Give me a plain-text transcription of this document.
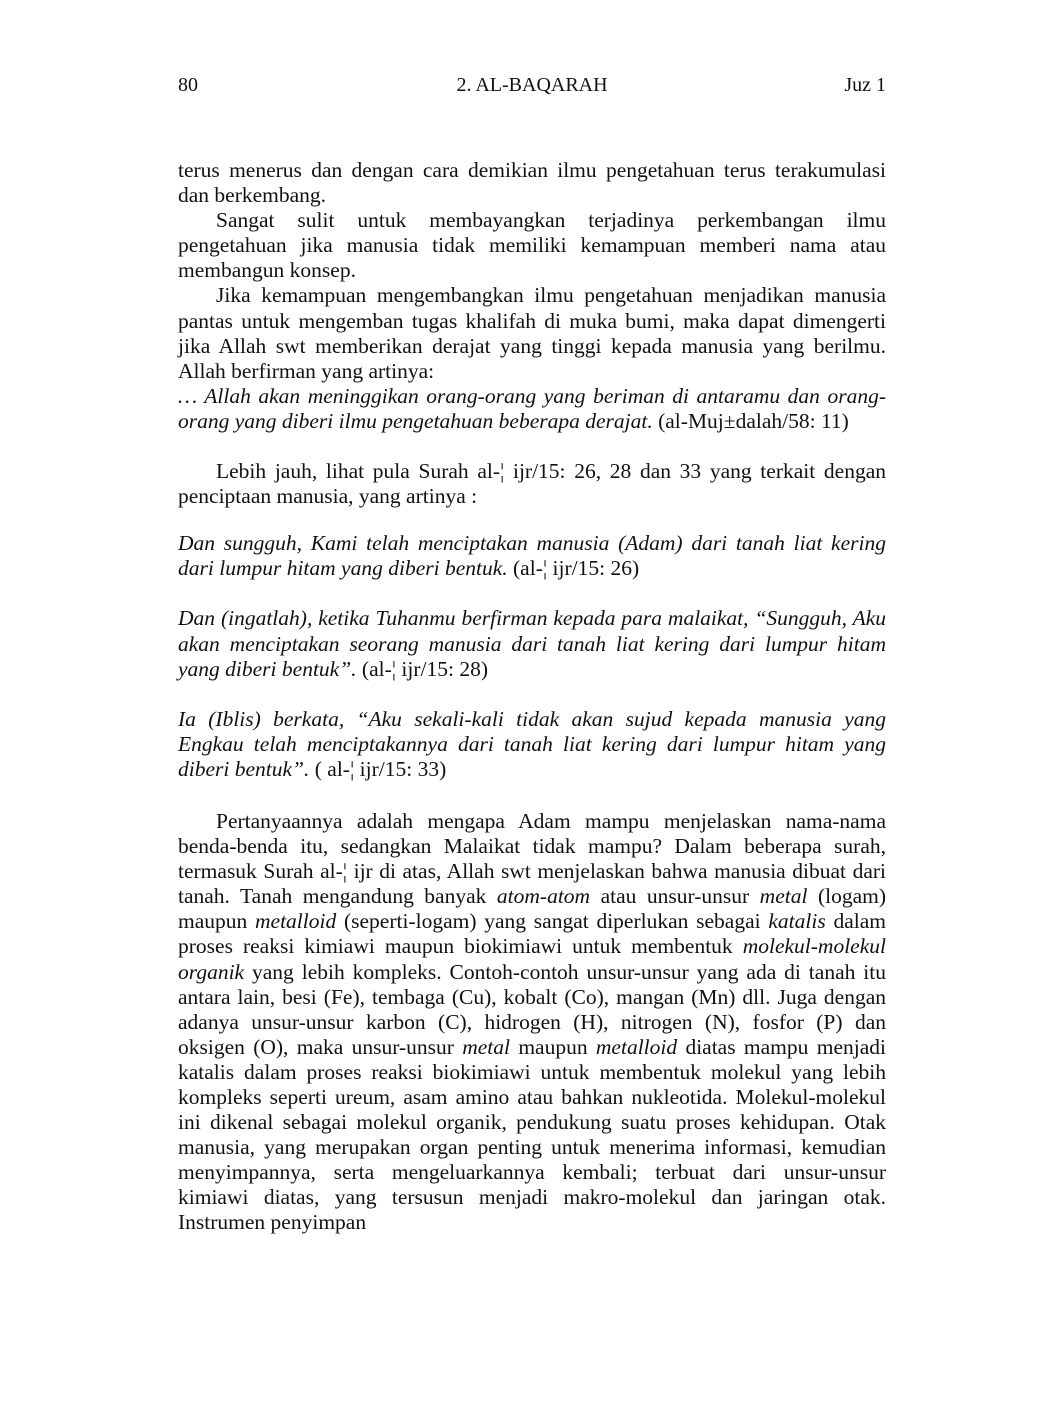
80	2. AL-BAQARAH	Juz 1

terus menerus dan dengan cara demikian ilmu pengetahuan terus terakumulasi dan berkembang.

Sangat sulit untuk membayangkan terjadinya perkembangan ilmu pengetahuan jika manusia tidak memiliki kemampuan memberi nama atau membangun konsep.

Jika kemampuan mengembangkan ilmu pengetahuan menjadikan manusia pantas untuk mengemban tugas khalifah di muka bumi, maka dapat dimengerti jika Allah swt memberikan derajat yang tinggi kepada manusia yang berilmu. Allah berfirman yang artinya:

… Allah akan meninggikan orang-orang yang beriman di antaramu dan orang-orang yang diberi ilmu pengetahuan beberapa derajat. (al-Muj±dalah/58: 11)

Lebih jauh, lihat pula Surah al-¦ ijr/15: 26, 28 dan 33 yang terkait dengan penciptaan manusia, yang artinya :

Dan sungguh, Kami telah menciptakan manusia (Adam) dari tanah liat kering dari lumpur hitam yang diberi bentuk. (al-¦ ijr/15: 26)

Dan (ingatlah), ketika Tuhanmu berfirman kepada para malaikat, “Sungguh, Aku akan menciptakan seorang manusia dari tanah liat kering dari lumpur hitam yang diberi bentuk”. (al-¦ ijr/15: 28)

Ia (Iblis) berkata, “Aku sekali-kali tidak akan sujud kepada manusia yang Engkau telah menciptakannya dari tanah liat kering dari lumpur hitam yang diberi bentuk”. ( al-¦ ijr/15: 33)

Pertanyaannya adalah mengapa Adam mampu menjelaskan nama-nama benda-benda itu, sedangkan Malaikat tidak mampu? Dalam beberapa surah, termasuk Surah al-¦ ijr di atas, Allah swt menjelaskan bahwa manusia dibuat dari tanah. Tanah mengandung banyak atom-atom atau unsur-unsur metal (logam) maupun metalloid (seperti-logam) yang sangat diperlukan sebagai katalis dalam proses reaksi kimiawi maupun biokimiawi untuk membentuk molekul-molekul organik yang lebih kompleks. Contoh-contoh unsur-unsur yang ada di tanah itu antara lain, besi (Fe), tembaga (Cu), kobalt (Co), mangan (Mn) dll. Juga dengan adanya unsur-unsur karbon (C), hidrogen (H), nitrogen (N), fosfor (P) dan oksigen (O), maka unsur-unsur metal maupun metalloid diatas mampu menjadi katalis dalam proses reaksi biokimiawi untuk membentuk molekul yang lebih kompleks seperti ureum, asam amino atau bahkan nukleotida. Molekul-molekul ini dikenal sebagai molekul organik, pendukung suatu proses kehidupan. Otak manusia, yang merupakan organ penting untuk menerima informasi, kemudian menyimpannya, serta mengeluarkannya kembali; terbuat dari unsur-unsur kimiawi diatas, yang tersusun menjadi makro-molekul dan jaringan otak. Instrumen penyimpan
